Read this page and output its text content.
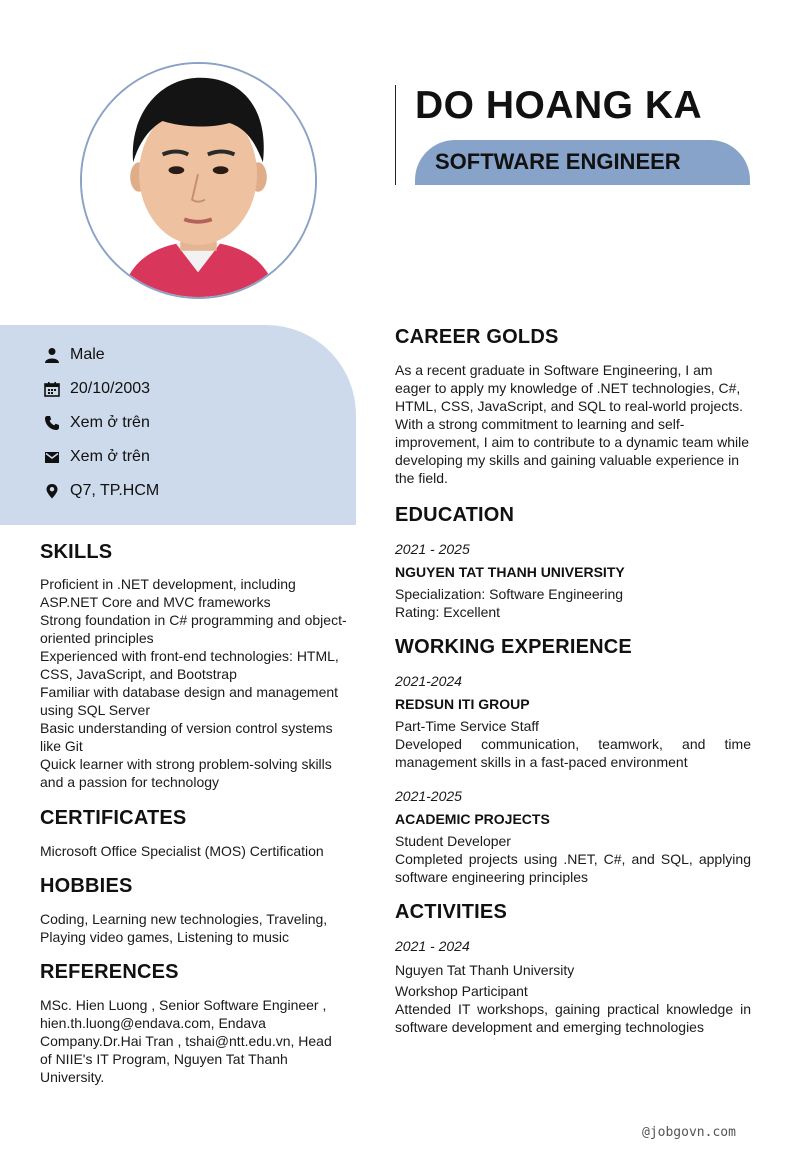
DO HOANG KA
SOFTWARE ENGINEER
Male
20/10/2003
Xem ở trên
Xem ở trên
Q7, TP.HCM
SKILLS

Proficient in .NET development, including ASP.NET Core and MVC frameworks

Strong foundation in C# programming and object-oriented principles

Experienced with front-end technologies: HTML, CSS, JavaScript, and Bootstrap

Familiar with database design and management using SQL Server

Basic understanding of version control systems like Git

Quick learner with strong problem-solving skills and a passion for technology

CERTIFICATES
Microsoft Office Specialist (MOS) Certification
HOBBIES
Coding, Learning new technologies, Traveling, Playing video games, Listening to music
REFERENCES
MSc. Hien Luong , Senior Software Engineer , hien.th.luong@endava.com, Endava Company.Dr.Hai Tran , tshai@ntt.edu.vn, Head of NIIE's IT Program, Nguyen Tat Thanh University.
CAREER GOLDS
As a recent graduate in Software Engineering, I am eager to apply my knowledge of .NET technologies, C#, HTML, CSS, JavaScript, and SQL to real-world projects. With a strong commitment to learning and self-improvement, I aim to contribute to a dynamic team while developing my skills and gaining valuable experience in the field.
EDUCATION
2021 - 2025
NGUYEN TAT THANH UNIVERSITY

Specialization: Software Engineering

Rating: Excellent

WORKING EXPERIENCE
2021-2024
REDSUN ITI GROUP

Part-Time Service Staff

Developed communication, teamwork, and time management skills in a fast-paced environment

2021-2025
ACADEMIC PROJECTS

Student Developer

Completed projects using .NET, C#, and SQL, applying software engineering principles

ACTIVITIES
2021 - 2024

Nguyen Tat Thanh University

Workshop Participant

Attended IT workshops, gaining practical knowledge in software development and emerging technologies

@jobgovn.com
